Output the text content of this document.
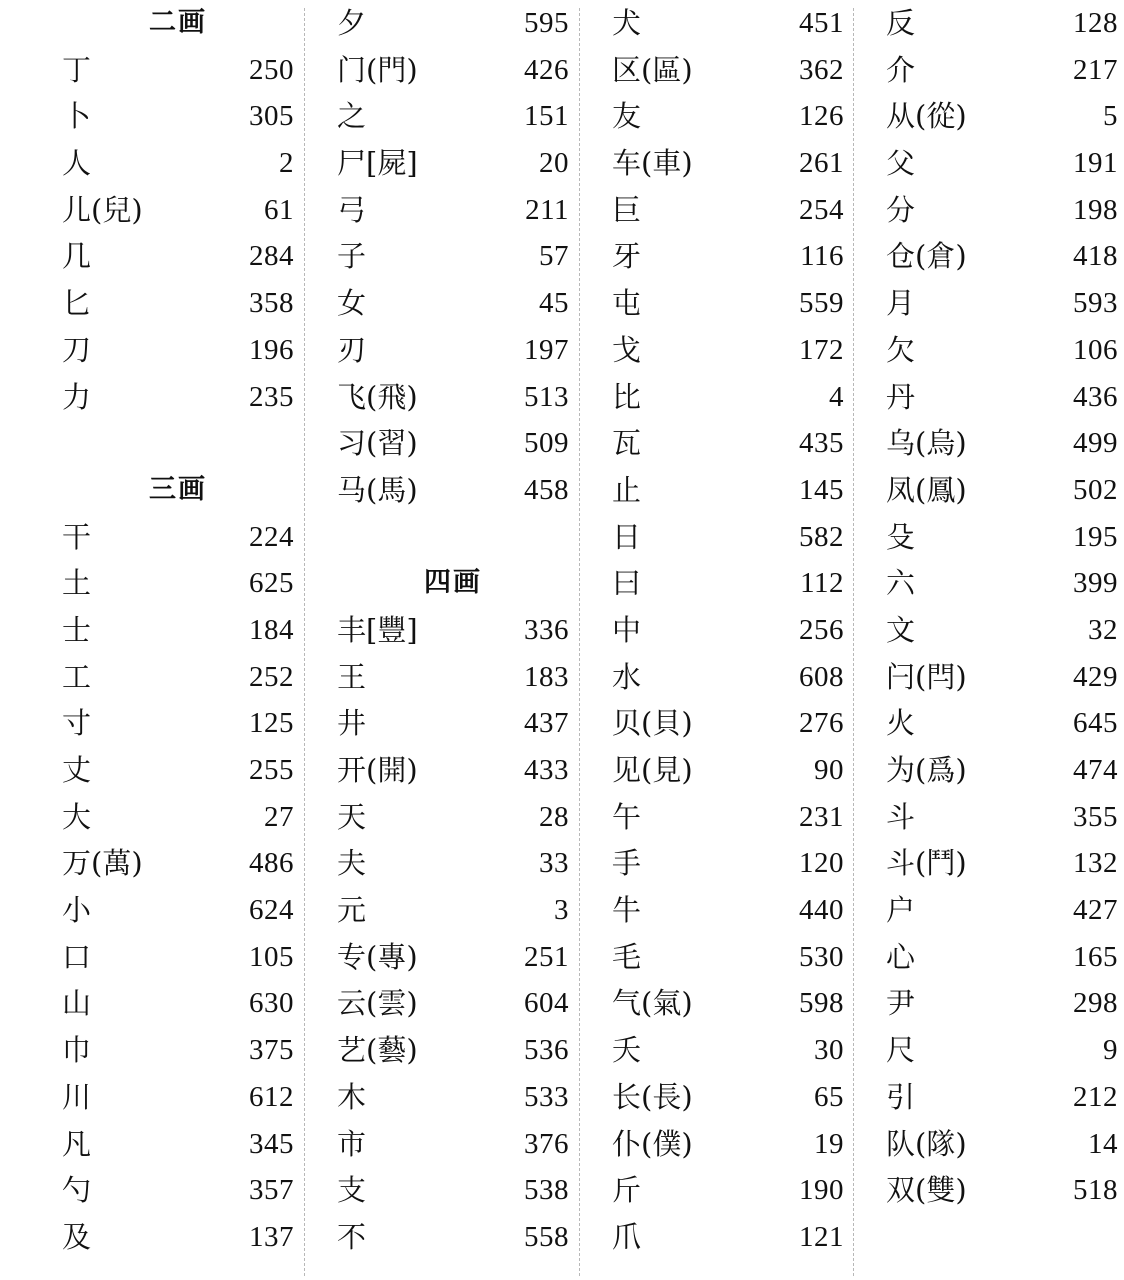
二画
丁	250
卜	305
人	2
儿(兒)	61
几	284
匕	358
刀	196
力	235
三画
干	224
土	625
士	184
工	252
寸	125
丈	255
大	27
万(萬)	486
小	624
口	105
山	630
巾	375
川	612
凡	345
勺	357
及	137
夕	595
门(門)	426
之	151
尸[屍]	20
弓	211
子	57
女	45
刃	197
飞(飛)	513
习(習)	509
马(馬)	458
四画
丰[豐]	336
王	183
井	437
开(開)	433
天	28
夫	33
元	3
专(專)	251
云(雲)	604
艺(藝)	536
木	533
市	376
支	538
不	558
犬	451
区(區)	362
友	126
车(車)	261
巨	254
牙	116
屯	559
戈	172
比	4
瓦	435
止	145
日	582
曰	112
中	256
水	608
贝(貝)	276
见(見)	90
午	231
手	120
牛	440
毛	530
气(氣)	598
夭	30
长(長)	65
仆(僕)	19
斤	190
爪	121
反	128
介	217
从(從)	5
父	191
分	198
仓(倉)	418
月	593
欠	106
丹	436
乌(烏)	499
凤(鳳)	502
殳	195
六	399
文	32
闩(閂)	429
火	645
为(爲)	474
斗	355
斗(鬥)	132
户	427
心	165
尹	298
尺	9
引	212
队(隊)	14
双(雙)	518
